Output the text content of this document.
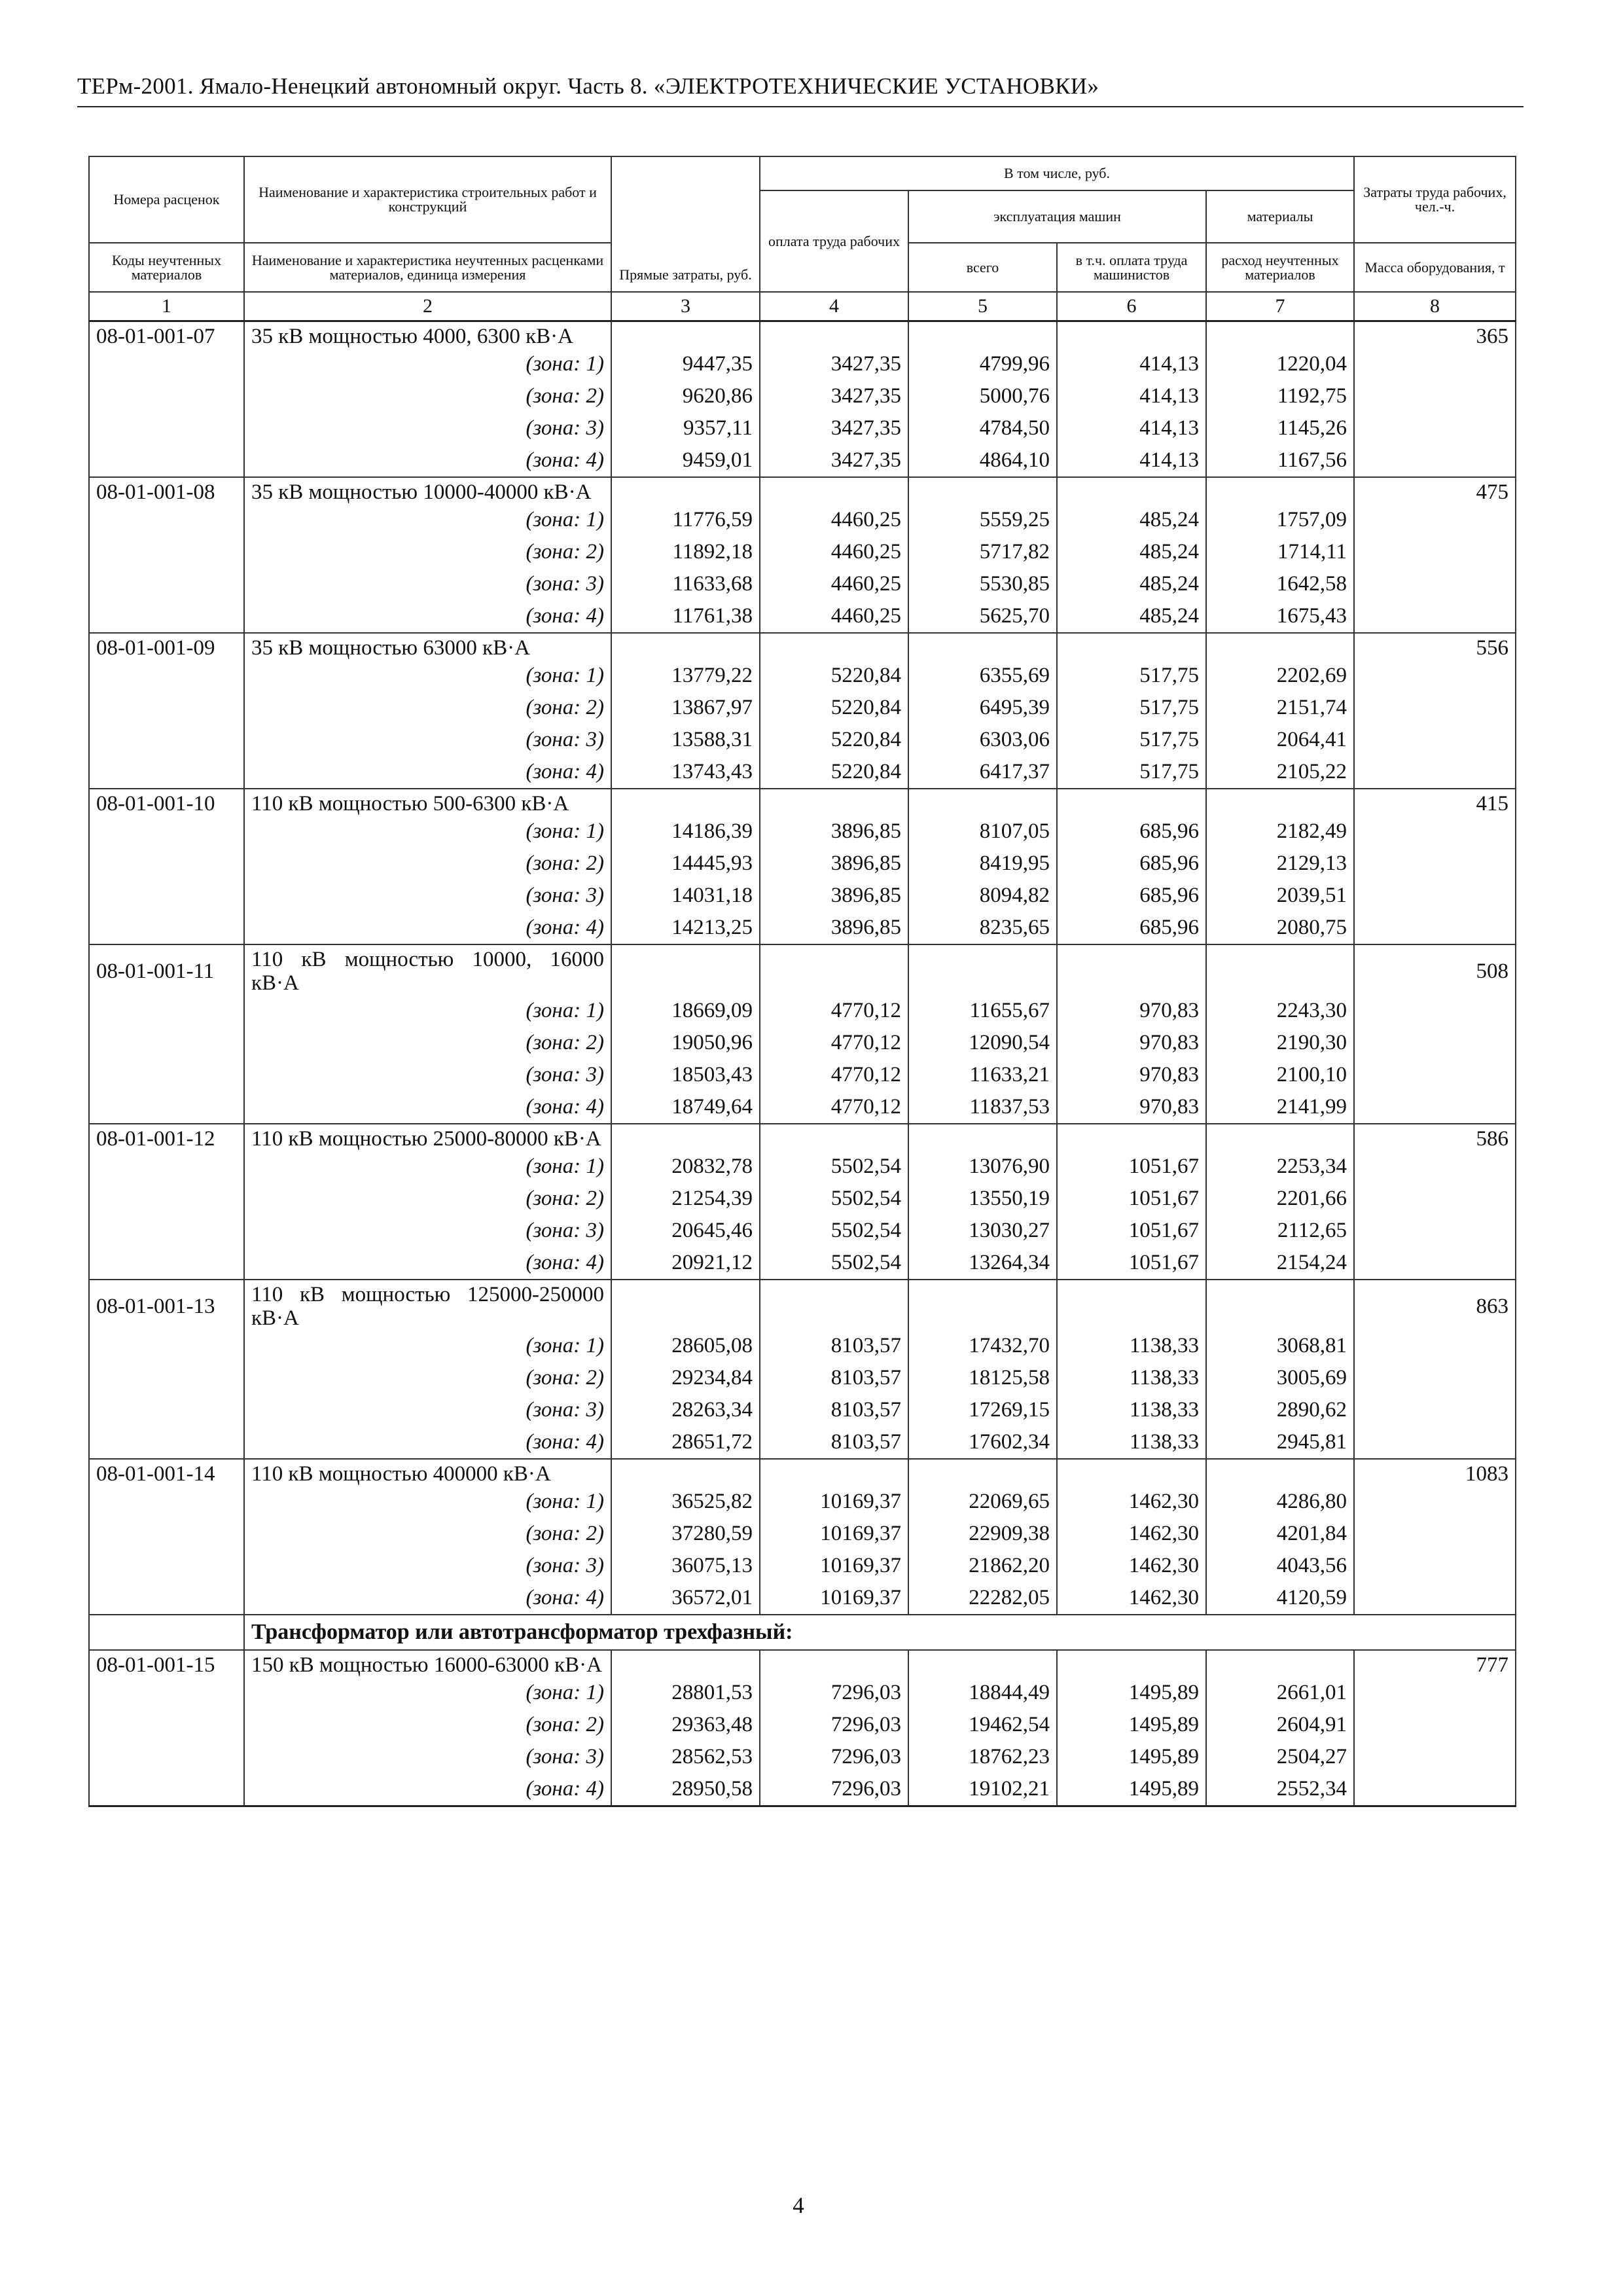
ТЕРм-2001. Ямало-Ненецкий автономный округ. Часть 8. «ЭЛЕКТРОТЕХНИЧЕСКИЕ УСТАНОВКИ»
Номера расценок	Наименование и характеристика строительных работ и конструкций	Прямые затраты, руб.	В том числе, руб.				Затраты труда рабочих, чел.-ч.
			оплата труда рабочих	эксплуатация машин		материалы	

Коды неучтенных материалов	Наименование и характеристика неучтенных расценками материалов, единица измерения			всего	в т.ч. оплата труда машинистов	расход неучтенных материалов	Масса оборудования, т

1	2	3	4	5	6	7	8
08-01-001-07	35 кВ мощностью 4000, 6300 кВ·А						365
	(зона: 1)	9447,35	3427,35	4799,96	414,13	1220,04	
	(зона: 2)	9620,86	3427,35	5000,76	414,13	1192,75	
	(зона: 3)	9357,11	3427,35	4784,50	414,13	1145,26	
	(зона: 4)	9459,01	3427,35	4864,10	414,13	1167,56	
08-01-001-08	35 кВ мощностью 10000-40000 кВ·А						475
	(зона: 1)	11776,59	4460,25	5559,25	485,24	1757,09	
	(зона: 2)	11892,18	4460,25	5717,82	485,24	1714,11	
	(зона: 3)	11633,68	4460,25	5530,85	485,24	1642,58	
	(зона: 4)	11761,38	4460,25	5625,70	485,24	1675,43	
08-01-001-09	35 кВ мощностью 63000 кВ·А						556
	(зона: 1)	13779,22	5220,84	6355,69	517,75	2202,69	
	(зона: 2)	13867,97	5220,84	6495,39	517,75	2151,74	
	(зона: 3)	13588,31	5220,84	6303,06	517,75	2064,41	
	(зона: 4)	13743,43	5220,84	6417,37	517,75	2105,22	
08-01-001-10	110 кВ мощностью 500-6300 кВ·А						415
	(зона: 1)	14186,39	3896,85	8107,05	685,96	2182,49	
	(зона: 2)	14445,93	3896,85	8419,95	685,96	2129,13	
	(зона: 3)	14031,18	3896,85	8094,82	685,96	2039,51	
	(зона: 4)	14213,25	3896,85	8235,65	685,96	2080,75	
08-01-001-11	110 кВ мощностью 10000, 16000 кВ·А						508
	(зона: 1)	18669,09	4770,12	11655,67	970,83	2243,30	
	(зона: 2)	19050,96	4770,12	12090,54	970,83	2190,30	
	(зона: 3)	18503,43	4770,12	11633,21	970,83	2100,10	
	(зона: 4)	18749,64	4770,12	11837,53	970,83	2141,99	
08-01-001-12	110 кВ мощностью 25000-80000 кВ·А						586
	(зона: 1)	20832,78	5502,54	13076,90	1051,67	2253,34	
	(зона: 2)	21254,39	5502,54	13550,19	1051,67	2201,66	
	(зона: 3)	20645,46	5502,54	13030,27	1051,67	2112,65	
	(зона: 4)	20921,12	5502,54	13264,34	1051,67	2154,24	
08-01-001-13	110 кВ мощностью 125000-250000 кВ·А						863
	(зона: 1)	28605,08	8103,57	17432,70	1138,33	3068,81	
	(зона: 2)	29234,84	8103,57	18125,58	1138,33	3005,69	
	(зона: 3)	28263,34	8103,57	17269,15	1138,33	2890,62	
	(зона: 4)	28651,72	8103,57	17602,34	1138,33	2945,81	
08-01-001-14	110 кВ мощностью 400000 кВ·А						1083
	(зона: 1)	36525,82	10169,37	22069,65	1462,30	4286,80	
	(зона: 2)	37280,59	10169,37	22909,38	1462,30	4201,84	
	(зона: 3)	36075,13	10169,37	21862,20	1462,30	4043,56	
	(зона: 4)	36572,01	10169,37	22282,05	1462,30	4120,59	
	Трансформатор или автотрансформатор трехфазный:						
08-01-001-15	150 кВ мощностью 16000-63000 кВ·А						777
	(зона: 1)	28801,53	7296,03	18844,49	1495,89	2661,01	
	(зона: 2)	29363,48	7296,03	19462,54	1495,89	2604,91	
	(зона: 3)	28562,53	7296,03	18762,23	1495,89	2504,27	
	(зона: 4)	28950,58	7296,03	19102,21	1495,89	2552,34	
4
